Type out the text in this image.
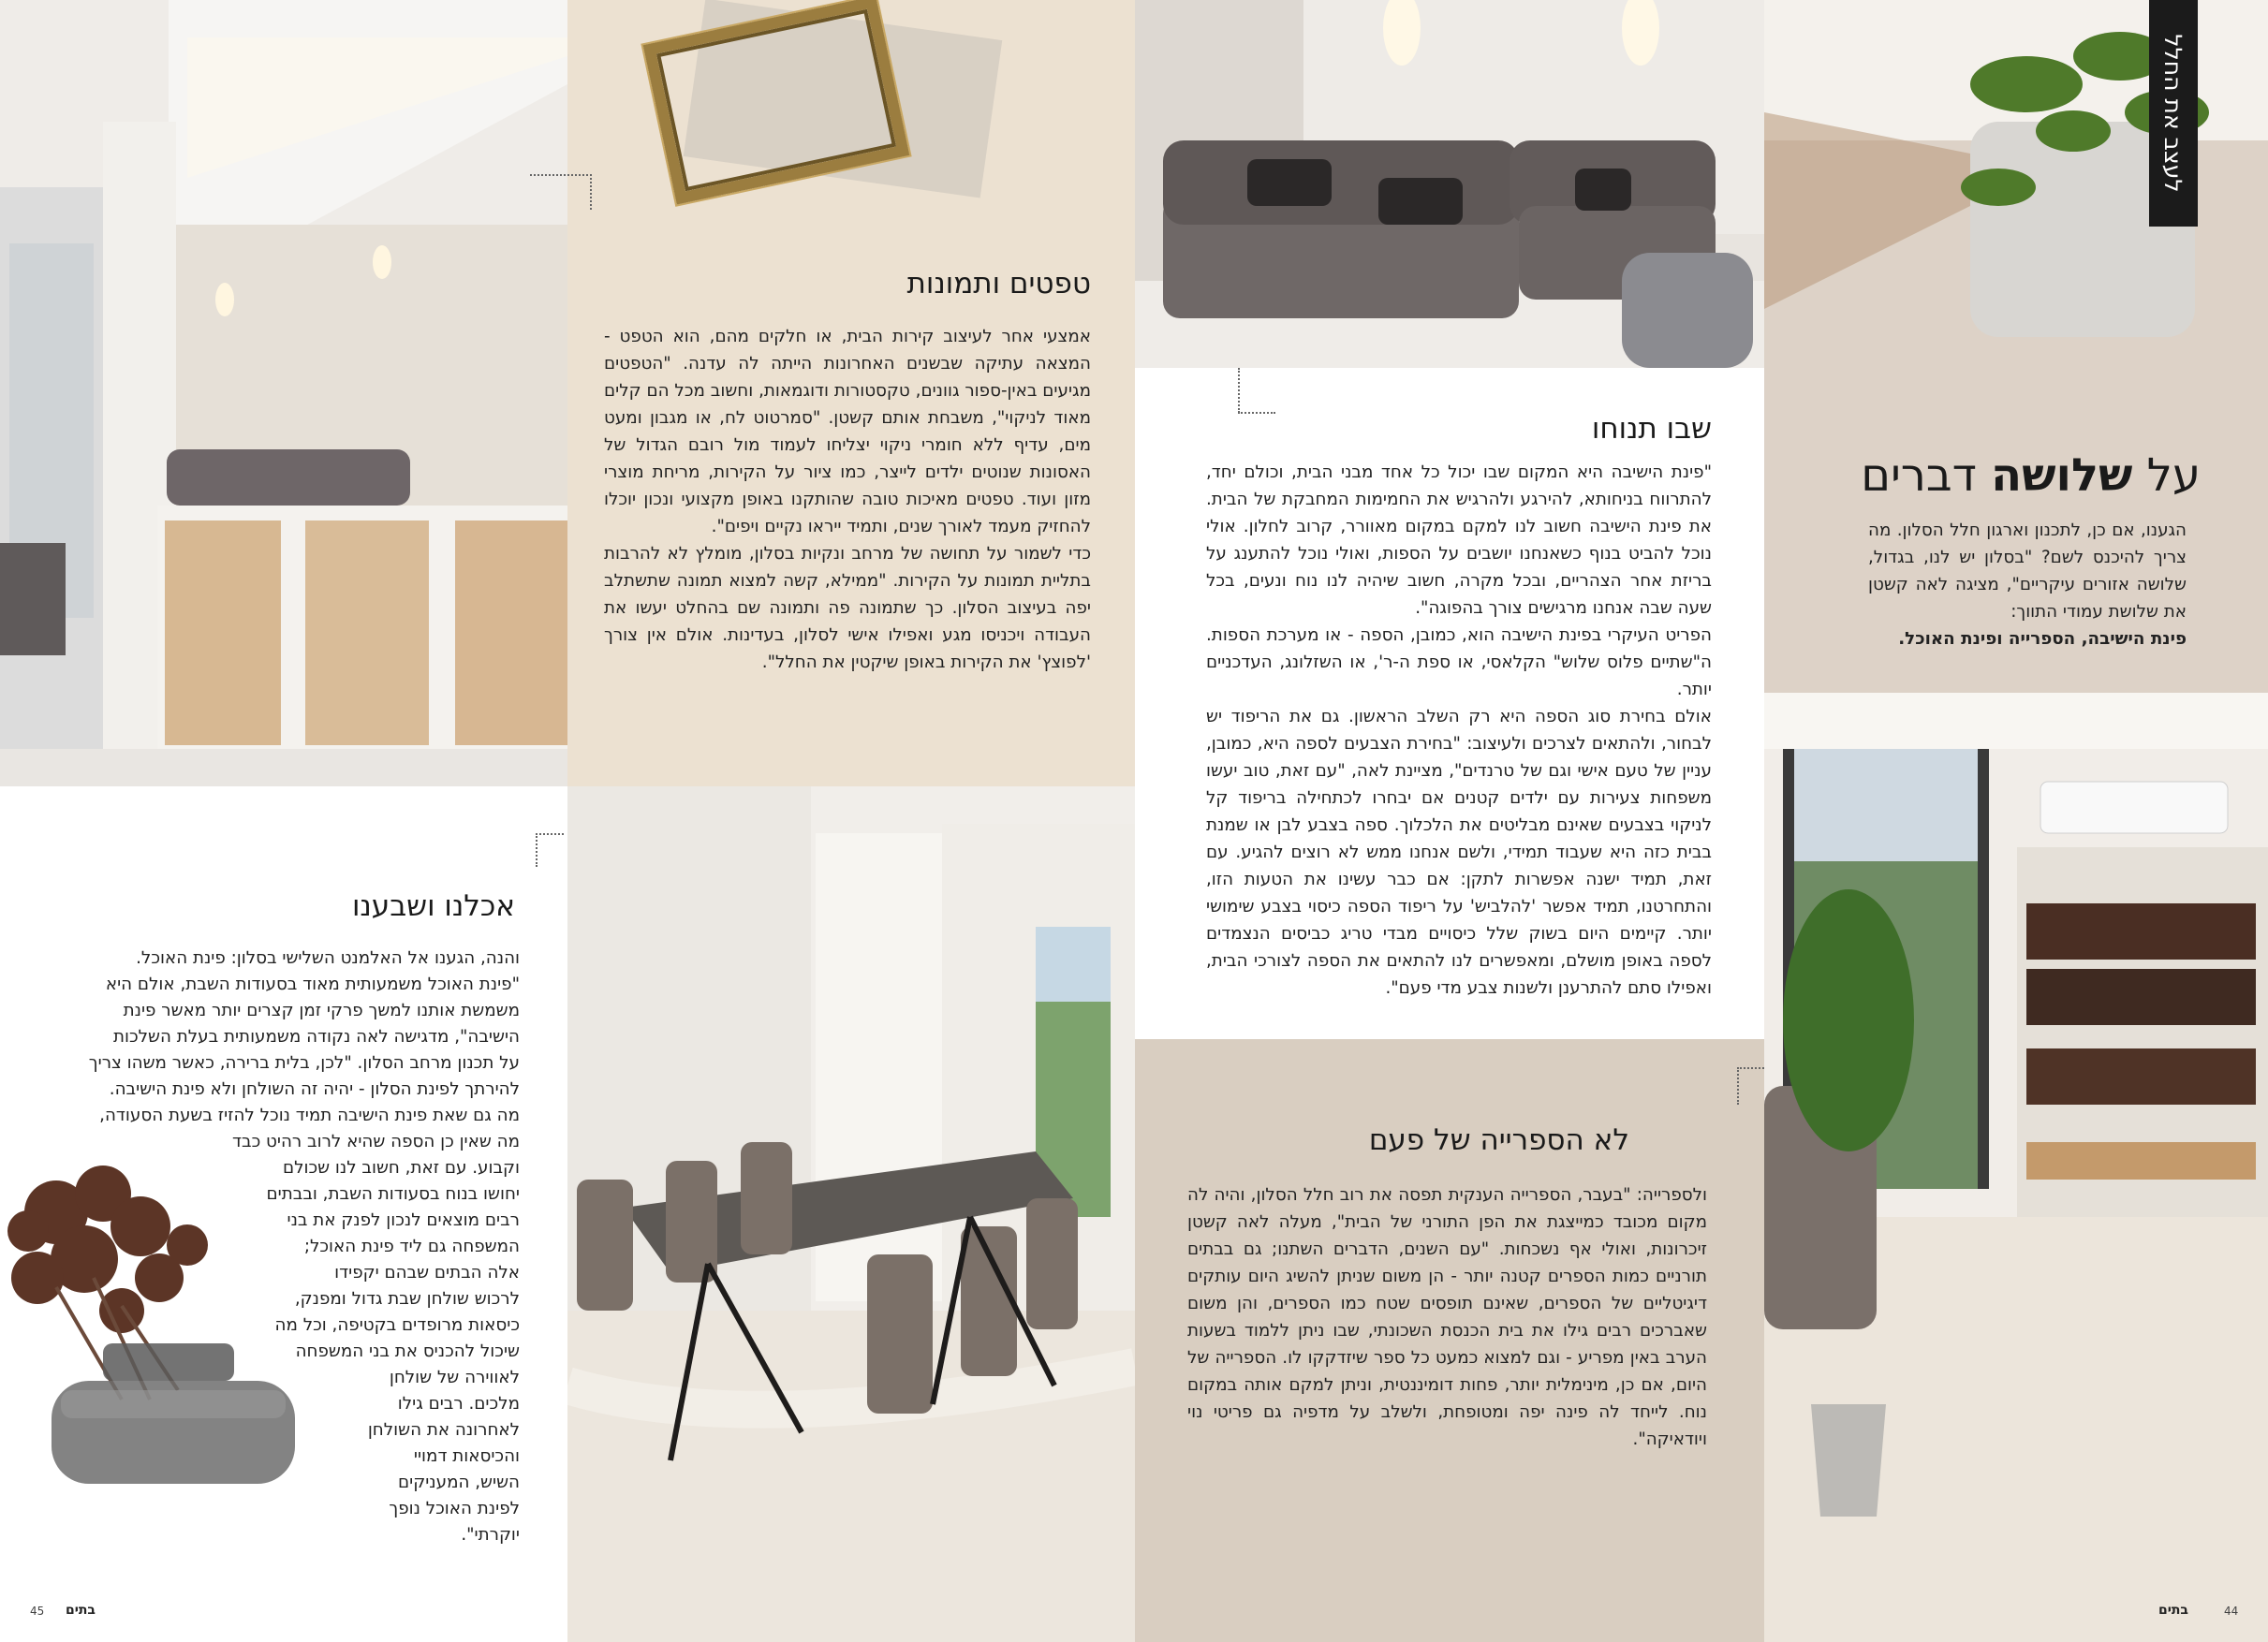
טפטים ותמונות

אמצעי אחר לעיצוב קירות הבית, או חלקים מהם, הוא הטפט - המצאה עתיקה שבשנים האחרונות הייתה לה עדנה. "הטפטים מגיעים באין-ספור גוונים, טקסטורות ודוגמאות, וחשוב מכל הם קלים מאוד לניקוי", משבחת אותם קשטן. "סמרטוט לח, או מגבון ומעט מים, עדיף ללא חומרי ניקוי יצליחו לעמוד מול רובם הגדול של האסונות שנוטים ילדים לייצר, כמו ציור על הקירות, מריחת מוצרי מזון ועוד. טפטים מאיכות טובה שהותקנו באופן מקצועי ונכון יוכלו להחזיק מעמד לאורך שנים, ותמיד ייראו נקיים ויפים".

כדי לשמור על תחושה של מרחב ונקיות בסלון, מומלץ לא להרבות בתליית תמונות על הקירות. "ממילא, קשה למצוא תמונה שתשתלב יפה בעיצוב הסלון. כך שתמונה פה ותמונה שם בהחלט יעשו את העבודה ויכניסו מגע ואפילו אישי לסלון, בעדינות. אולם אין צורך 'לפוצץ' את הקירות באופן שיקטין את החלל".

אכלנו ושבענו
והנה, הגענו אל האלמנט השלישי בסלון: פינת האוכל.
"פינת האוכל משמעותית מאוד בסעודות השבת, אולם היא
משמשת אותנו למשך פרקי זמן קצרים יותר מאשר פינת
הישיבה", מדגישה לאה נקודה משמעותית בעלת השלכות
על תכנון מרחב הסלון. "לכן, בלית ברירה, כאשר משהו צריך
להירתך לפינת הסלון - יהיה זה השולחן ולא פינת הישיבה.
מה גם שאת פינת הישיבה תמיד נוכל להזיז בשעת הסעודה,
מה שאין כן הספה שהיא לרוב רהיט כבד
וקבוע. עם זאת, חשוב לנו שכולם
יחושו בנוח בסעודות השבת, ובבתים
רבים מוצאים לנכון לפנק את בני
המשפחה גם ליד פינת האוכל;
אלה הבתים שבהם יקפידו
לרכוש שולחן שבת גדול ומפנק,
כיסאות מרופדים בקטיפה, וכל מה
שיכול להכניס את בני המשפחה
לאווירה של שולחן
מלכים. רבים גילו
לאחרונה את השולחן
והכיסאות דמויי
השיש, המעניקים
לפינת האוכל נופך
יוקרתי".
שבו תנוחו

"פינת הישיבה היא המקום שבו יכול כל אחד מבני הבית, וכולם יחד, להתרווח בניחותא, להירגע ולהרגיש את החמימות המחבקת של הבית. את פינת הישיבה חשוב לנו למקם במקום מאוורר, קרוב לחלון. אולי נוכל להביט בנוף כשאנחנו יושבים על הספות, ואולי נוכל להתענג על בריזת אחר הצהריים, ובכל מקרה, חשוב שיהיה לנו נוח ונעים, בכל שעה שבה אנחנו מרגישים צורך בהפוגה".

הפריט העיקרי בפינת הישיבה הוא, כמובן, הספה - או מערכת הספות. ה"שתיים פלוס שלוש" הקלאסי, או ספת ה-ר', או השזלונג, העדכניים יותר.

אולם בחירת סוג הספה היא רק השלב הראשון. גם את הריפוד יש לבחור, ולהתאים לצרכים ולעיצוב: "בחירת הצבעים לספה היא, כמובן, עניין של טעם אישי וגם של טרנדים", מציינת לאה, "עם זאת, טוב יעשו משפחות צעירות עם ילדים קטנים אם יבחרו לכתחילה בריפוד קל לניקוי בצבעים שאינם מבליטים את הלכלוך. ספה בצבע לבן או שמנת בבית כזה היא שעבוד תמידי, ולשם אנחנו ממש לא רוצים להגיע. עם זאת, תמיד ישנה אפשרות לתקן: אם כבר עשינו את הטעות הזו, והתחרטנו, תמיד אפשר 'להלביש' על ריפוד הספה כיסוי בצבע שימושי יותר. קיימים היום בשוק שלל כיסויים מבדי טריג כביסים הנצמדים לספה באופן מושלם, ומאפשרים לנו להתאים את הספה לצורכי הבית, ואפילו סתם להתרענן ולשנות צבע מדי פעם".

לא הספרייה של פעם

ולספרייה: "בעבר, הספרייה הענקית תפסה את רוב חלל הסלון, והיה לה מקום מכובד כמייצגת את הפן התורני של הבית", מעלה לאה קשטן זיכרונות, ואולי אף נשכחות. "עם השנים, הדברים השתנו; גם בבתים תורניים כמות הספרים קטנה יותר - הן משום שניתן להשיג היום עותקים דיגיטליים של הספרים, שאינם תופסים שטח כמו הספרים, והן משום שאברכים רבים גילו את בית הכנסת השכונתי, שבו ניתן ללמוד בשעות הערב באין מפריע - וגם למצוא כמעט כל ספר שיזדקקו לו. הספרייה של היום, אם כן, מינימלית יותר, פחות דומיננטית, וניתן למקם אותה במקום נוח. לייחד לה פינה יפה ומטופחת, ולשלב על מדפיה גם פריטי נוי ויודאיקה".

לעצב את החלל
על שלושה דברים

הגענו, אם כן, לתכנון וארגון חלל הסלון. מה צריך להיכנס לשם? "בסלון יש לנו, בגדול, שלושה אזורים עיקריים", מציגה לאה קשטן את שלושת עמודי התווך:

פינת הישיבה, הספרייה ופינת האוכל.

בתים
45	בתים	44
